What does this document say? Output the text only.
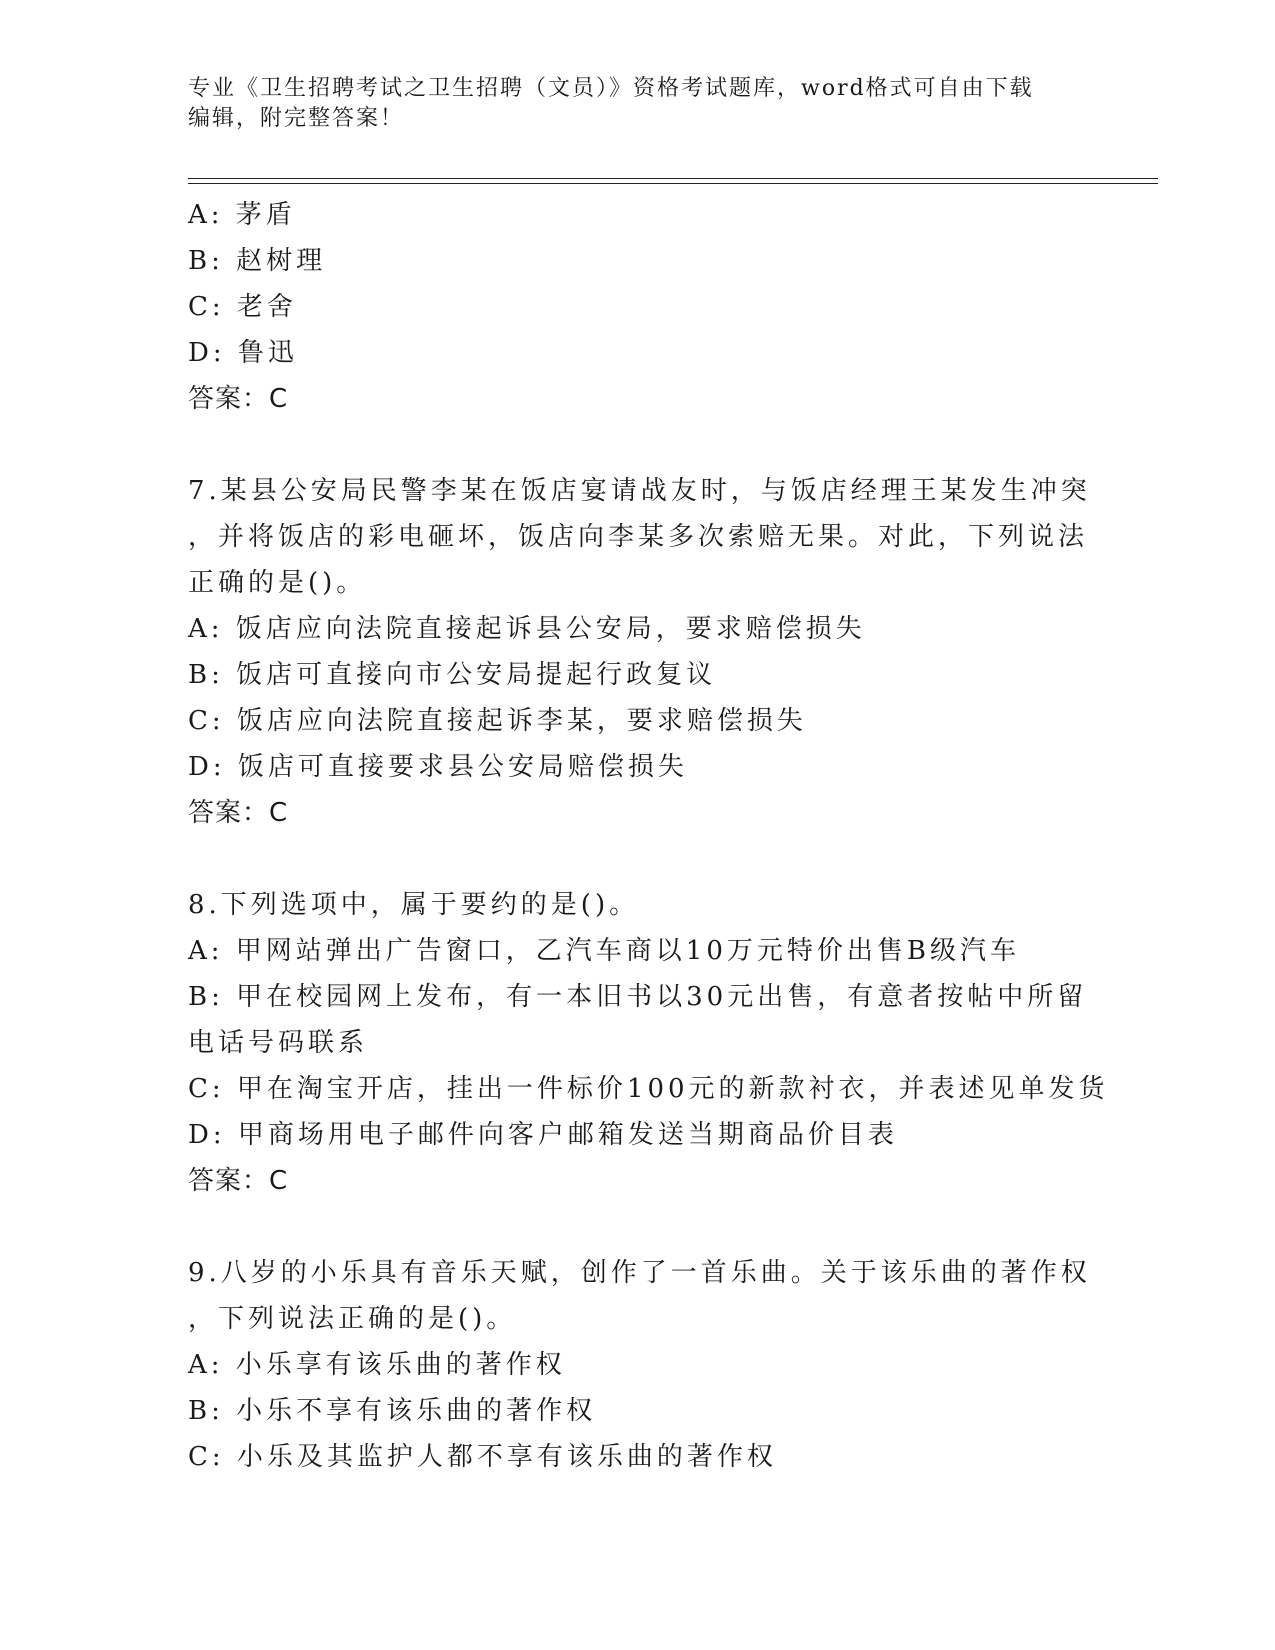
专业《卫生招聘考试之卫生招聘（文员）》资格考试题库，word格式可自由下载
编辑，附完整答案！
A: 茅盾
B: 赵树理
C: 老舍
D: 鲁迅
答案：C
7.某县公安局民警李某在饭店宴请战友时，与饭店经理王某发生冲突
，并将饭店的彩电砸坏，饭店向李某多次索赔无果。对此，下列说法
正确的是()。
A: 饭店应向法院直接起诉县公安局，要求赔偿损失
B: 饭店可直接向市公安局提起行政复议
C: 饭店应向法院直接起诉李某，要求赔偿损失
D: 饭店可直接要求县公安局赔偿损失
答案：C
8.下列选项中，属于要约的是()。
A: 甲网站弹出广告窗口，乙汽车商以10万元特价出售B级汽车
B: 甲在校园网上发布，有一本旧书以30元出售，有意者按帖中所留
电话号码联系
C: 甲在淘宝开店，挂出一件标价100元的新款衬衣，并表述见单发货
D: 甲商场用电子邮件向客户邮箱发送当期商品价目表
答案：C
9.八岁的小乐具有音乐天赋，创作了一首乐曲。关于该乐曲的著作权
，下列说法正确的是()。
A: 小乐享有该乐曲的著作权
B: 小乐不享有该乐曲的著作权
C: 小乐及其监护人都不享有该乐曲的著作权
